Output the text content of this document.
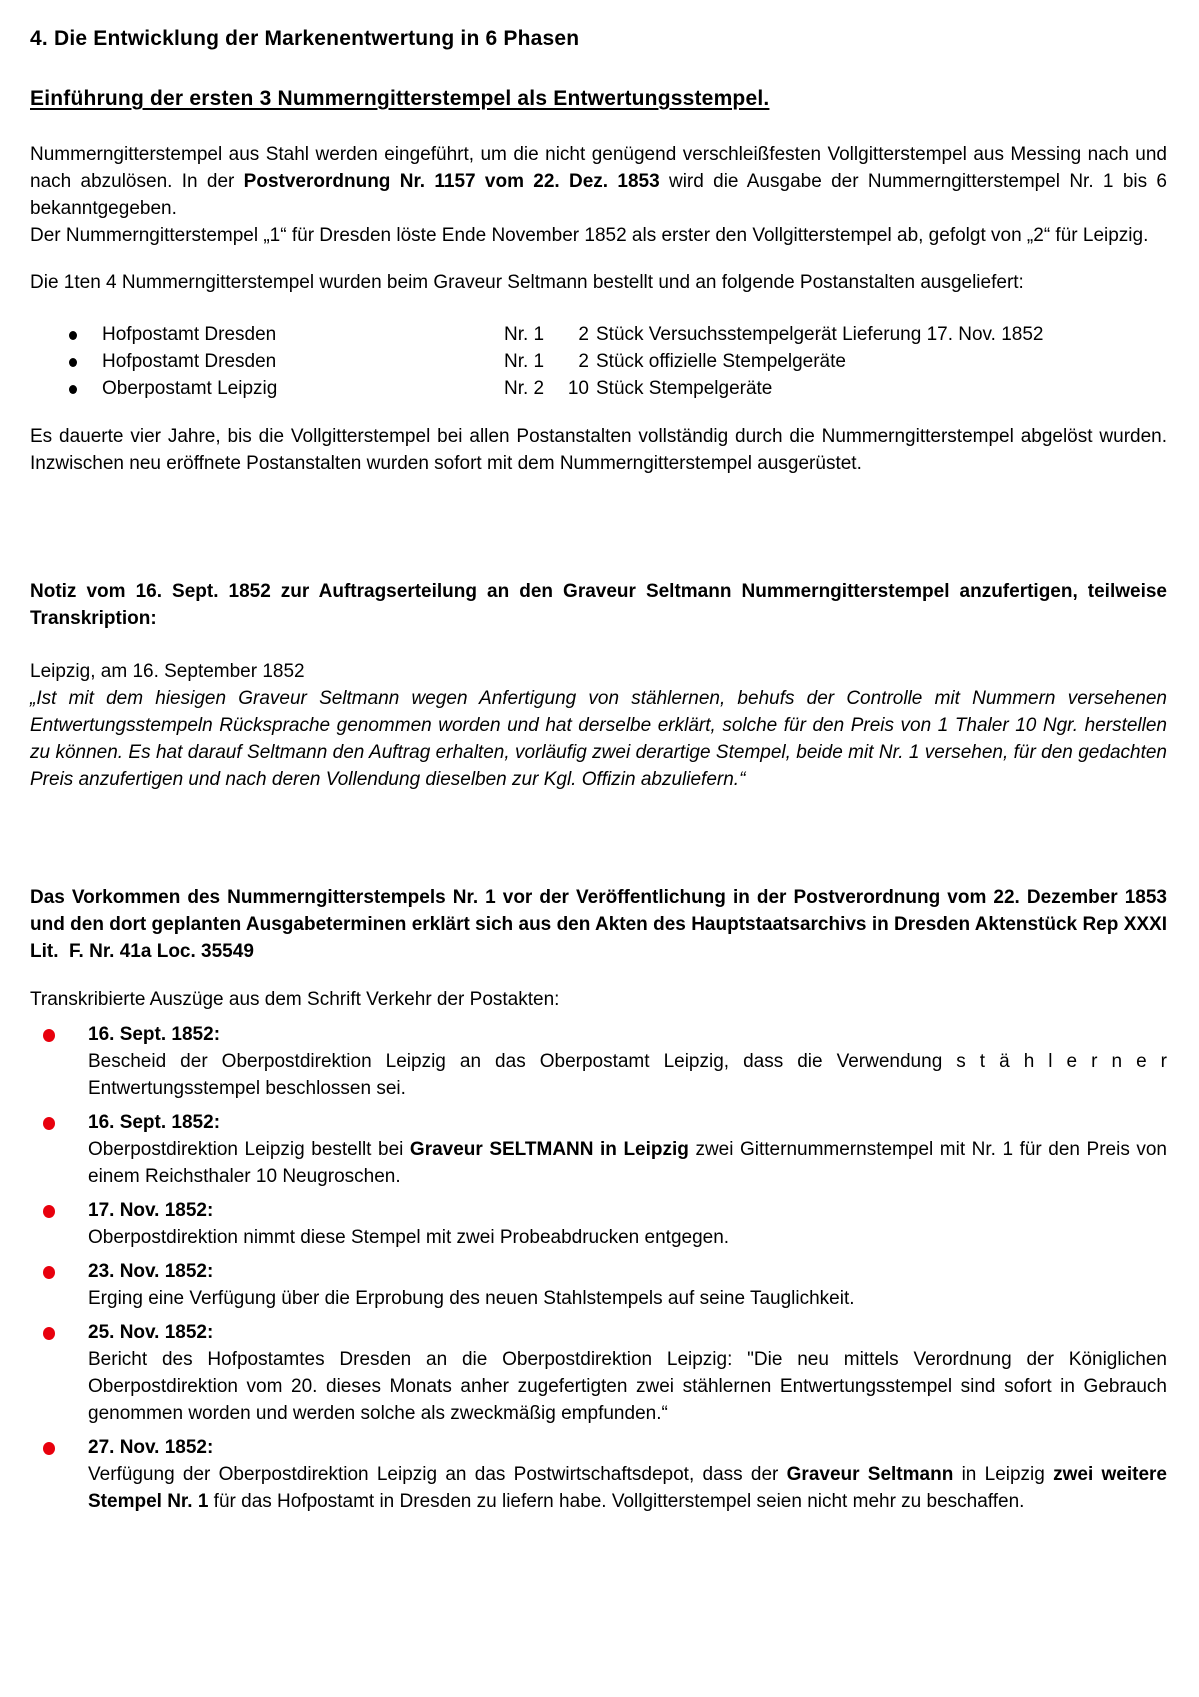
4. Die Entwicklung der Markenentwertung in 6 Phasen
Einführung der ersten 3 Nummerngitterstempel als Entwertungsstempel.
Nummerngitterstempel aus Stahl werden eingeführt, um die nicht genügend verschleißfesten Vollgitterstempel aus Messing nach und nach abzulösen. In der Postverordnung Nr. 1157 vom 22. Dez. 1853 wird die Ausgabe der Nummerngitterstempel Nr. 1 bis 6 bekanntgegeben.
Der Nummerngitterstempel „1“ für Dresden löste Ende November 1852 als erster den Vollgitterstempel ab, gefolgt von „2“ für Leipzig.
Die 1ten 4 Nummerngitterstempel wurden beim Graveur Seltmann bestellt und an folgende Postanstalten ausgeliefert:
Hofpostamt Dresden	Nr. 1	2 Stück Versuchsstempelgerät Lieferung 17. Nov. 1852
Hofpostamt Dresden	Nr. 1	2 Stück offizielle Stempelgeräte
Oberpostamt Leipzig	Nr. 2	10 Stück Stempelgeräte
Es dauerte vier Jahre, bis die Vollgitterstempel bei allen Postanstalten vollständig durch die Nummerngitterstempel abgelöst wurden. Inzwischen neu eröffnete Postanstalten wurden sofort mit dem Nummerngitterstempel ausgerüstet.
Notiz vom 16. Sept. 1852 zur Auftragserteilung an den Graveur Seltmann Nummerngitterstempel anzufertigen, teilweise Transkription:
Leipzig, am 16. September 1852
„Ist mit dem hiesigen Graveur Seltmann wegen Anfertigung von stählernen, behufs der Controlle mit Nummern versehenen Entwertungsstempeln Rücksprache genommen worden und hat derselbe erklärt, solche für den Preis von 1 Thaler 10 Ngr. herstellen zu können. Es hat darauf Seltmann den Auftrag erhalten, vorläufig zwei derartige Stempel, beide mit Nr. 1 versehen, für den gedachten Preis anzufertigen und nach deren Vollendung dieselben zur Kgl. Offizin abzuliefern.“
Das Vorkommen des Nummerngitterstempels Nr. 1 vor der Veröffentlichung in der Postverordnung vom 22. Dezember 1853 und den dort geplanten Ausgabeterminen erklärt sich aus den Akten des Hauptstaatsarchivs in Dresden Aktenstück Rep XXXI Lit.  F. Nr. 41a Loc. 35549
Transkribierte Auszüge aus dem Schrift Verkehr der Postakten:
16. Sept. 1852:
Bescheid der Oberpostdirektion Leipzig an das Oberpostamt Leipzig, dass die Verwendung s t ä h l e r n e r Entwertungsstempel beschlossen sei.
16. Sept. 1852:
Oberpostdirektion Leipzig bestellt bei Graveur SELTMANN in Leipzig zwei Gitternummernstempel mit Nr. 1 für den Preis von einem Reichsthaler 10 Neugroschen.
17. Nov. 1852:
Oberpostdirektion nimmt diese Stempel mit zwei Probeabdrucken entgegen.
23. Nov. 1852:
Erging eine Verfügung über die Erprobung des neuen Stahlstempels auf seine Tauglichkeit.
25. Nov. 1852:
Bericht des Hofpostamtes Dresden an die Oberpostdirektion Leipzig: "Die neu mittels Verordnung der Königlichen Oberpostdirektion vom 20. dieses Monats anher zugefertigten zwei stählernen Entwertungsstempel sind sofort in Gebrauch genommen worden und werden solche als zweckmäßig empfunden.“
27. Nov. 1852:
Verfügung der Oberpostdirektion Leipzig an das Postwirtschaftsdepot, dass der Graveur Seltmann in Leipzig zwei weitere Stempel Nr. 1 für das Hofpostamt in Dresden zu liefern habe. Vollgitterstempel seien nicht mehr zu beschaffen.
